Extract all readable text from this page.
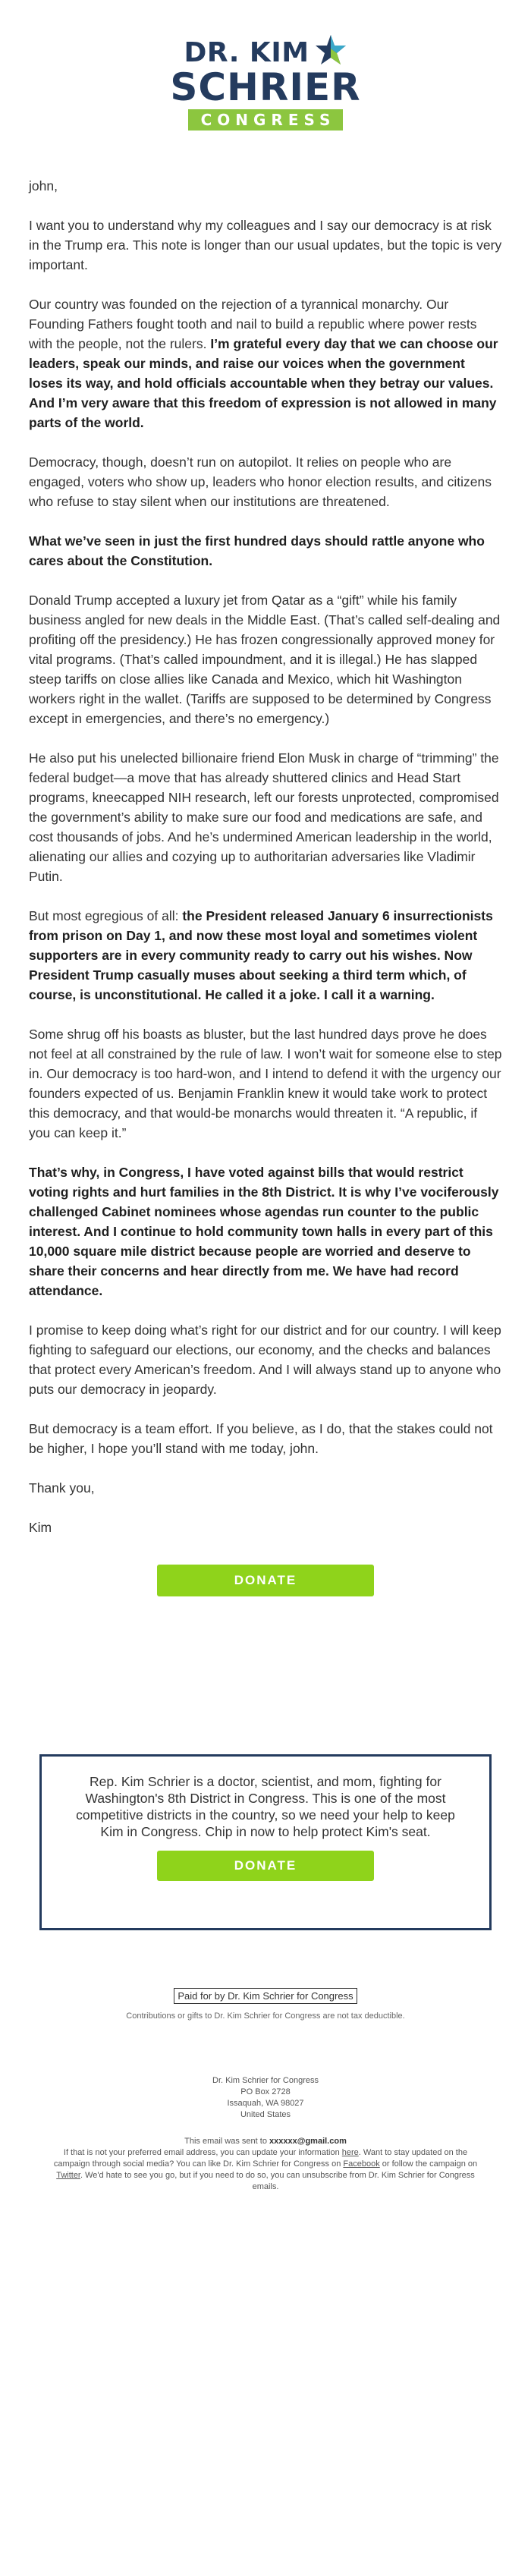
DR. KIM
SCHRIER
CONGRESS

john,

I want you to understand why my colleagues and I say our democracy is at risk in the Trump era. This note is longer than our usual updates, but the topic is very important.

Our country was founded on the rejection of a tyrannical monarchy. Our Founding Fathers fought tooth and nail to build a republic where power rests with the people, not the rulers. I’m grateful every day that we can choose our leaders, speak our minds, and raise our voices when the government loses its way, and hold officials accountable when they betray our values. And I’m very aware that this freedom of expression is not allowed in many parts of the world.

Democracy, though, doesn’t run on autopilot. It relies on people who are engaged, voters who show up, leaders who honor election results, and citizens who refuse to stay silent when our institutions are threatened.

What we’ve seen in just the first hundred days should rattle anyone who cares about the Constitution.

Donald Trump accepted a luxury jet from Qatar as a “gift” while his family business angled for new deals in the Middle East. (That’s called self-dealing and profiting off the presidency.) He has frozen congressionally approved money for vital programs. (That’s called impoundment, and it is illegal.) He has slapped steep tariffs on close allies like Canada and Mexico, which hit Washington workers right in the wallet. (Tariffs are supposed to be determined by Congress except in emergencies, and there’s no emergency.)

He also put his unelected billionaire friend Elon Musk in charge of “trimming” the federal budget—a move that has already shuttered clinics and Head Start programs, kneecapped NIH research, left our forests unprotected, compromised the government’s ability to make sure our food and medications are safe, and cost thousands of jobs. And he’s undermined American leadership in the world, alienating our allies and cozying up to authoritarian adversaries like Vladimir Putin.

But most egregious of all: the President released January 6 insurrectionists from prison on Day 1, and now these most loyal and sometimes violent supporters are in every community ready to carry out his wishes. Now President Trump casually muses about seeking a third term which, of course, is unconstitutional. He called it a joke. I call it a warning.

Some shrug off his boasts as bluster, but the last hundred days prove he does not feel at all constrained by the rule of law. I won’t wait for someone else to step in. Our democracy is too hard-won, and I intend to defend it with the urgency our founders expected of us. Benjamin Franklin knew it would take work to protect this democracy, and that would-be monarchs would threaten it. “A republic, if you can keep it.”

That’s why, in Congress, I have voted against bills that would restrict voting rights and hurt families in the 8th District. It is why I’ve vociferously challenged Cabinet nominees whose agendas run counter to the public interest. And I continue to hold community town halls in every part of this 10,000 square mile district because people are worried and deserve to share their concerns and hear directly from me. We have had record attendance.

I promise to keep doing what’s right for our district and for our country. I will keep fighting to safeguard our elections, our economy, and the checks and balances that protect every American’s freedom. And I will always stand up to anyone who puts our democracy in jeopardy.

But democracy is a team effort. If you believe, as I do, that the stakes could not be higher, I hope you’ll stand with me today, john.

Thank you,

Kim

DONATE
Rep. Kim Schrier is a doctor, scientist, and mom, fighting for Washington's 8th District in Congress. This is one of the most competitive districts in the country, so we need your help to keep Kim in Congress. Chip in now to help protect Kim's seat.
DONATE
Paid for by Dr. Kim Schrier for Congress
Contributions or gifts to Dr. Kim Schrier for Congress are not tax deductible.
Dr. Kim Schrier for Congress
PO Box 2728
Issaquah, WA 98027
United States
This email was sent to xxxxxx@gmail.com
If that is not your preferred email address, you can update your information here. Want to stay updated on the campaign through social media? You can like Dr. Kim Schrier for Congress on Facebook or follow the campaign on Twitter. We'd hate to see you go, but if you need to do so, you can unsubscribe from Dr. Kim Schrier for Congress emails.
